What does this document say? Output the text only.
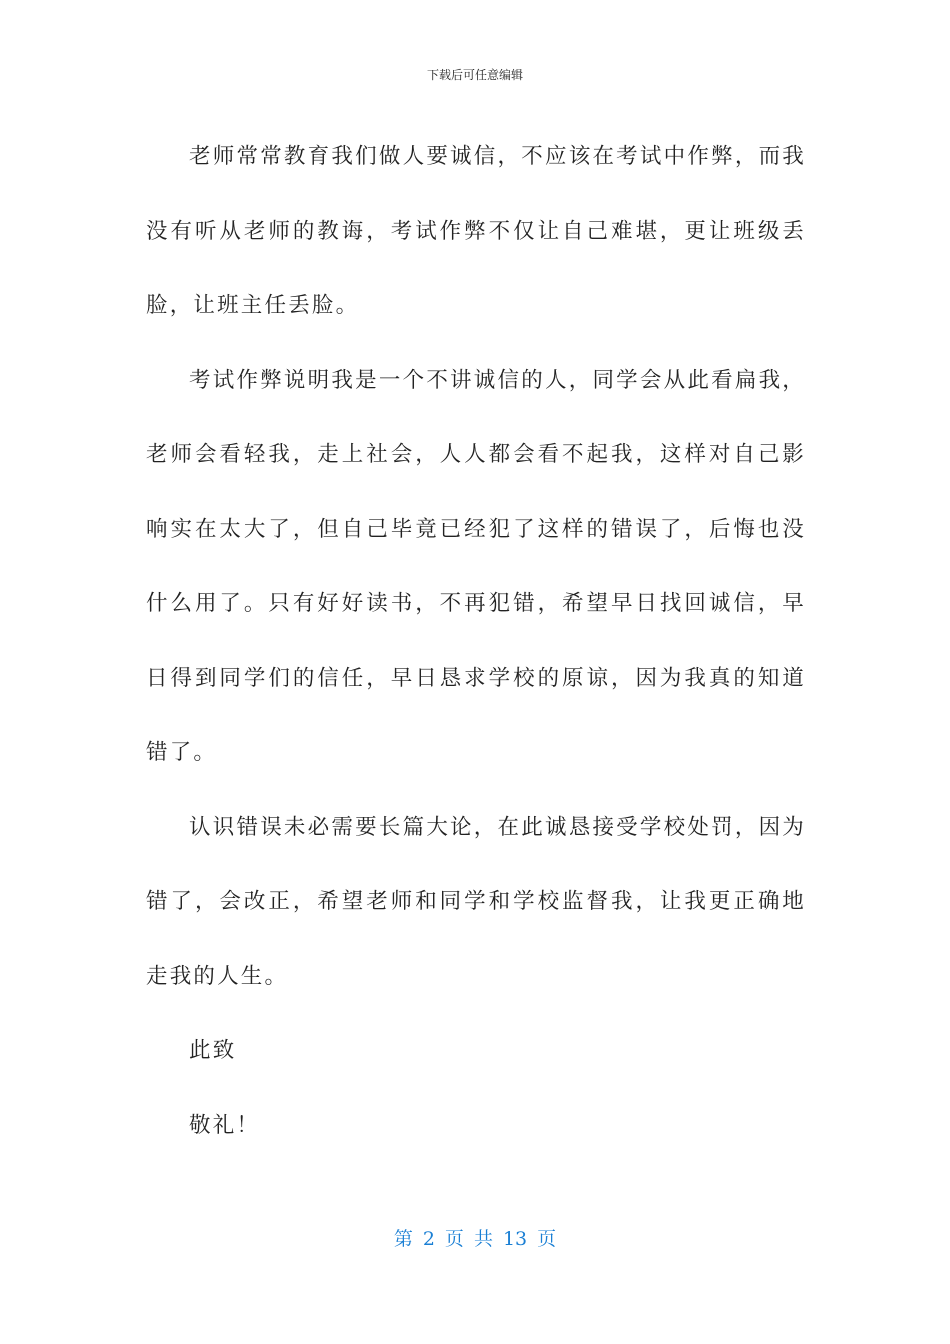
下载后可任意编辑

老师常常教育我们做人要诚信，不应该在考试中作弊，而我没有听从老师的教诲，考试作弊不仅让自己难堪，更让班级丢脸，让班主任丢脸。

考试作弊说明我是一个不讲诚信的人，同学会从此看扁我，老师会看轻我，走上社会，人人都会看不起我，这样对自己影响实在太大了，但自己毕竟已经犯了这样的错误了，后悔也没什么用了。只有好好读书，不再犯错，希望早日找回诚信，早日得到同学们的信任，早日恳求学校的原谅，因为我真的知道错了。

认识错误未必需要长篇大论，在此诚恳接受学校处罚，因为错了，会改正，希望老师和同学和学校监督我，让我更正确地走我的人生。

此致

敬礼！

第 2 页 共 13 页
